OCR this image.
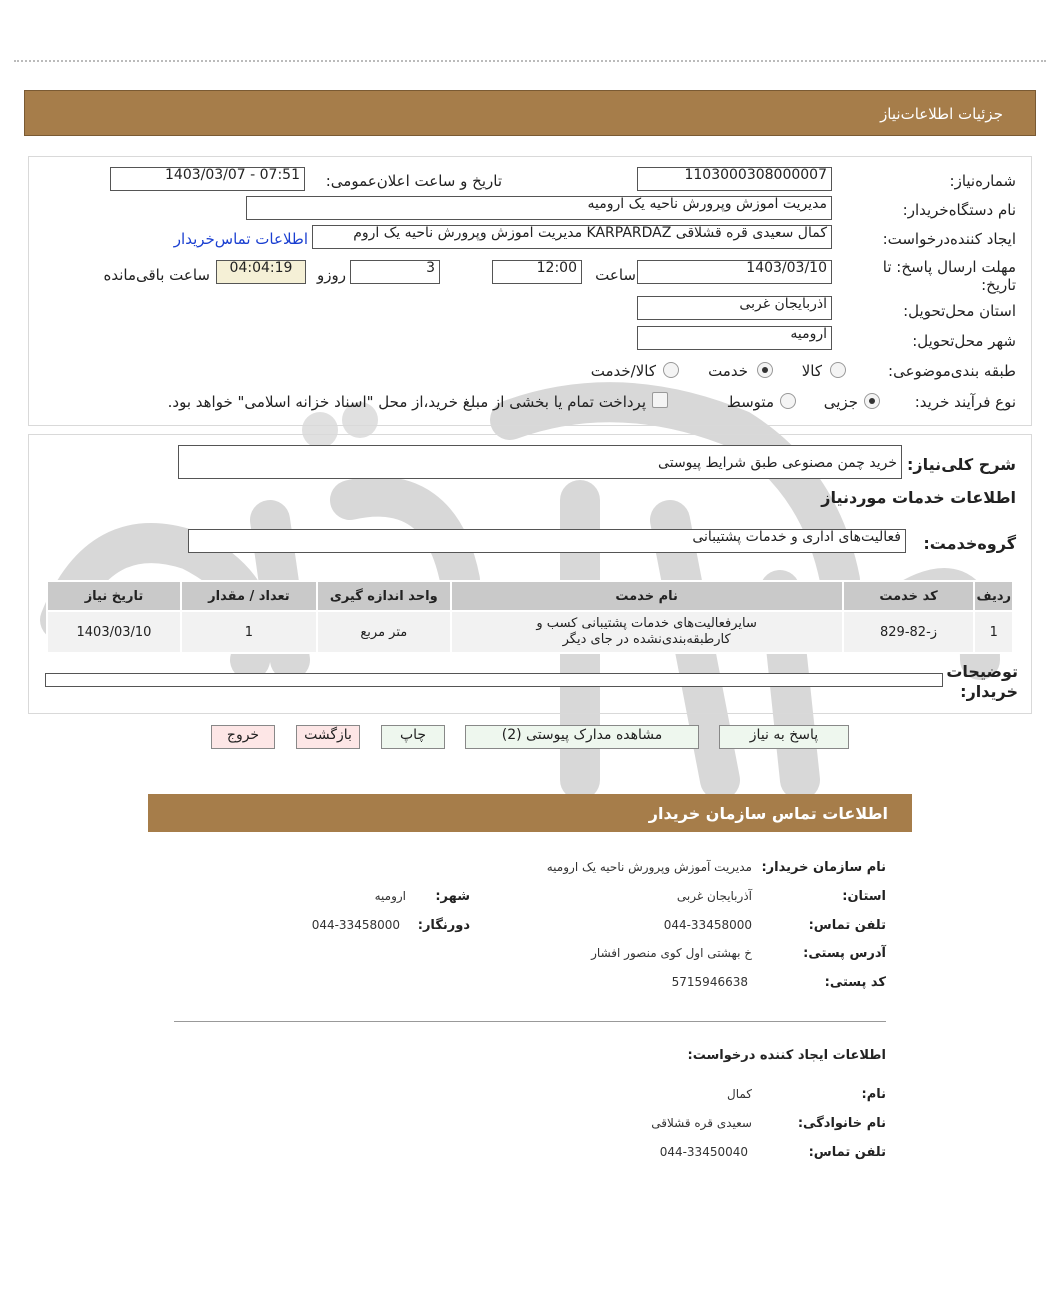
جزئیات اطلاعات‌نیاز
شماره‌نیاز:
1103000308000007
تاریخ و ساعت اعلان‌عمومی:
1403/03/07 - 07:51
نام دستگاه‌خریدار:
مدیریت آموزش وپرورش ناحیه یک ارومیه
ایجاد کننده‌درخواست:
کمال سعیدی قره قشلاقی KARPARDAZ مدیریت آموزش وپرورش ناحیه یک اروم
اطلاعات تماس‌خریدار
مهلت ارسال پاسخ: تا تاریخ:
1403/03/10
ساعت
12:00
3
روزو
04:04:19
ساعت باقی‌مانده
استان محل‌تحویل:
آذربایجان غربی
شهر محل‌تحویل:
ارومیه
طبقه بندی‌موضوعی:
کالا
خدمت
کالا/خدمت
نوع فرآیند خرید:
جزیی
متوسط
پرداخت تمام یا بخشی از مبلغ خرید،از محل "اسناد خزانه اسلامی" خواهد بود.
شرح کلی‌نیاز:
خرید چمن مصنوعی طبق شرایط پیوستی
اطلاعات خدمات موردنیاز
گروه‌خدمت:
فعالیت‌های اداری و خدمات پشتیبانی
ردیف	کد خدمت	نام خدمت	واحد اندازه گیری	تعداد / مقدار	تاریخ نیاز
1	ز-82-829	سایرفعالیت‌های خدمات پشتیبانی کسب و کارطبقه‌بندی‌نشده در جای دیگر	متر مربع	1	1403/03/10
توضیحات خریدار:
پاسخ به نیاز
مشاهده مدارک پیوستی (2)
چاپ
بازگشت
خروج
اطلاعات تماس سازمان خریدار
نام سازمان خریدار:
مدیریت آموزش وپرورش ناحیه یک ارومیه
استان:
آذربایجان غربی
شهر:
ارومیه
تلفن تماس:
044-33458000
دورنگار:
044-33458000
آدرس پستی:
خ بهشتی اول کوی منصور افشار
کد پستی:
5715946638
اطلاعات ایجاد کننده درخواست:
نام:
کمال
نام خانوادگی:
سعیدی قره قشلاقی
تلفن تماس:
044-33450040
